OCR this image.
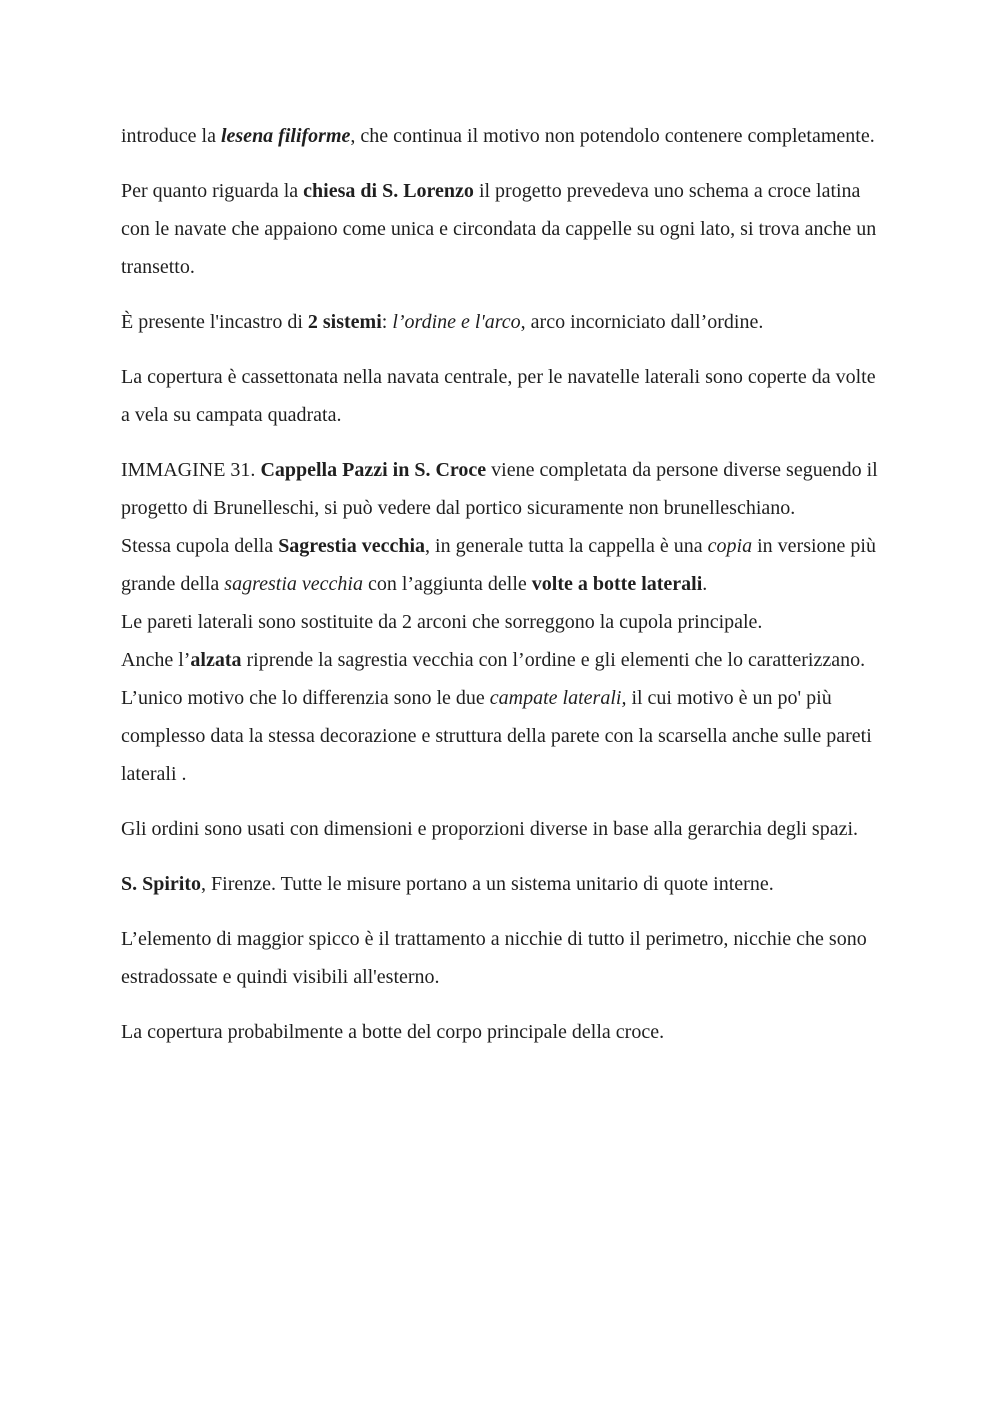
introduce la lesena filiforme, che continua il motivo non potendolo contenere completamente.

Per quanto riguarda la chiesa di S. Lorenzo il progetto prevedeva uno schema a croce latina con le navate che appaiono come unica e circondata da cappelle su ogni lato, si trova anche un transetto.

È presente l'incastro di 2 sistemi: l’ordine e l'arco, arco incorniciato dall’ordine.

La copertura è cassettonata nella navata centrale, per le navatelle laterali sono coperte da volte a vela su campata quadrata.

IMMAGINE 31. Cappella Pazzi in S. Croce viene completata da persone diverse seguendo il progetto di Brunelleschi, si può vedere dal portico sicuramente non brunelleschiano.

Stessa cupola della Sagrestia vecchia, in generale tutta la cappella è una copia in versione più grande della sagrestia vecchia con l’aggiunta delle volte a botte laterali.

Le pareti laterali sono sostituite da 2 arconi che sorreggono la cupola principale.

Anche l’alzata riprende la sagrestia vecchia con l’ordine e gli elementi che lo caratterizzano. L’unico motivo che lo differenzia sono le due campate laterali, il cui motivo è un po' più complesso data la stessa decorazione e struttura della parete con la scarsella anche sulle pareti laterali .

Gli ordini sono usati con dimensioni e proporzioni diverse in base alla gerarchia degli spazi.

S. Spirito, Firenze. Tutte le misure portano a un sistema unitario di quote interne.

L’elemento di maggior spicco è il trattamento a nicchie di tutto il perimetro, nicchie che sono estradossate e quindi visibili all'esterno.

La copertura probabilmente a botte del corpo principale della croce.
